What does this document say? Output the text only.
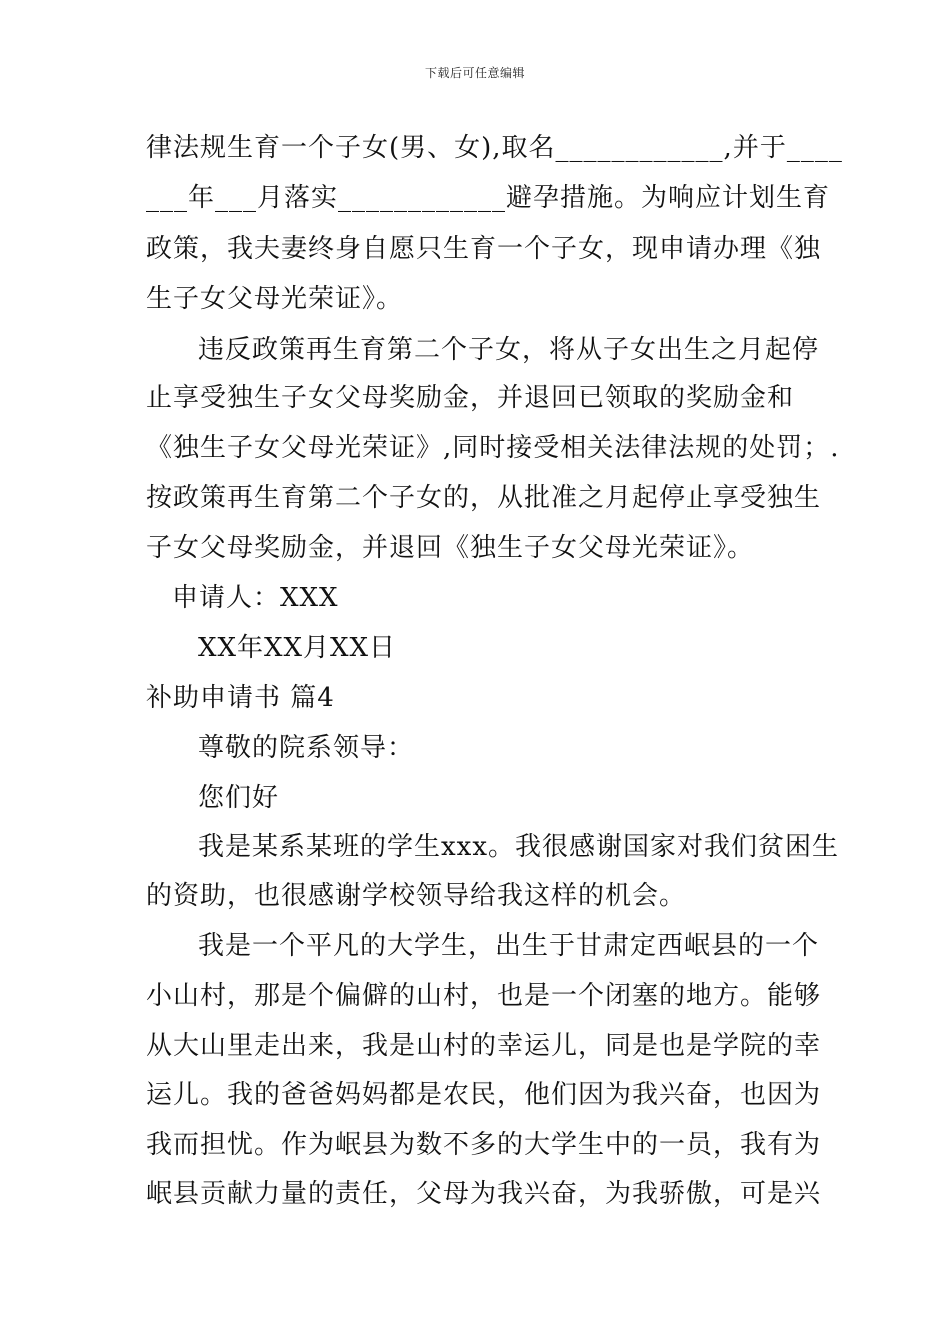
下载后可任意编辑
律法规生育一个子女(男、女),取名____________,并于____
___年___月落实____________避孕措施。为响应计划生育
政策，我夫妻终身自愿只生育一个子女，现申请办理《独
生子女父母光荣证》。
违反政策再生育第二个子女，将从子女出生之月起停
止享受独生子女父母奖励金，并退回已领取的奖励金和
《独生子女父母光荣证》,同时接受相关法律法规的处罚；.
按政策再生育第二个子女的，从批准之月起停止享受独生
子女父母奖励金，并退回《独生子女父母光荣证》。
申请人：XXX
XX年XX月XX日
补助申请书 篇4
尊敬的院系领导：
您们好
我是某系某班的学生xxx。我很感谢国家对我们贫困生
的资助，也很感谢学校领导给我这样的机会。
我是一个平凡的大学生，出生于甘肃定西岷县的一个
小山村，那是个偏僻的山村，也是一个闭塞的地方。能够
从大山里走出来，我是山村的幸运儿，同是也是学院的幸
运儿。我的爸爸妈妈都是农民，他们因为我兴奋，也因为
我而担忧。作为岷县为数不多的大学生中的一员，我有为
岷县贡献力量的责任，父母为我兴奋，为我骄傲，可是兴
